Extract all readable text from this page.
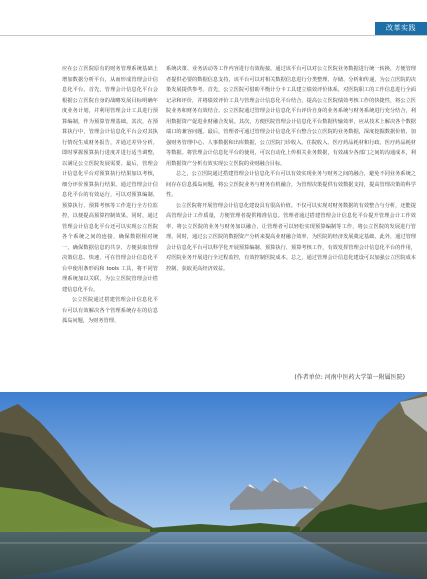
改革实践

应在公立医院原有的财务管理系统基础上增加数据分析平台，从而形成管理会计信息化平台。首先，管理会计信息化平台会根据公立医院自身的战略发展目标明确年度业务计划，并利用管理会计工具进行预算编制，作为预算管理基础。其次，在预算执行中，管理会计信息化平台会对其执行情况生成财务报告，并通过差异分析，即时掌握预算执行进度并进行适当调整，以满足公立医院发展需要。最后，管理会计信息化平台对预算执行结果加以考核，细分评价预算执行结果。通过管理会计信息化平台的有效运行，可以对预算编制、预算执行、预算考核等工作进行全方位监控，以便提高预算控制效果。同时，通过管理会计信息化平台还可以实现公立医院各个系统之间的连接，确保数据相对统一，确保数据信息的共享，方便获取管理决策信息。快速、可在管理会计信息化平台中使用条形码和 tools 工具，将不同管理系统加以关联，为公立医院管理会计搭建信息化平台。

公立医院通过搭建管理会计信息化平台可以有效解决各个管理系统存在的信息孤岛问题，为财务管理、

系统决策、业务活动等工作内容进行有效衔接。通过该平台可以对公立医院业务数据进行统一转换，方便管理者提供必要的数据信息支持，该平台可以对相关数据信息进行分类整理、存储、分析和传递，为公立医院的决策发展提供参考。首先，公立医院可借助平衡计分卡工具建立绩效评价体系，对医院职工的工作信息进行全面记录和评价，并将绩效评价工具与管理会计信息化平台结合，提高公立医院绩效考核工作的快捷性，将公立医院业务和财务有效结合。公立医院通过管理会计信息化平台评价自身的业务系统与财务系统进行充分结合，利用数据资产促进业财融合发展。其次，方便医院管理会计信息化平台数据传输效率，应从技术上解决各个数据端口的兼容问题。最后，管理者可通过管理会计信息化平台整合公立医院的业务数据，深度挖掘数据价值，加强财务管理中心、人事数据和出库数据，公立医院门诊收入、住院收入、医疗药品耗材和行政、医疗药品耗材等数据。将管理会计信息化平台的使用，可以自动化上传相关业务数据，有效减少各部门之间的沟通成本，利用数据资产分析有效实现公立医院的业财融合目标。

总之，公立医院通过搭建管理会计信息化平台可以有效实现业务与财务之间的融合，避免不同业务系统之间存在信息孤岛问题，将公立医院业务与财务有机融合，为管理决策提供有效数据支持，提高管理决策的科学性。

公立医院将开展管理会计信息化建设具有很高价值。不仅可以实现对财务数据的有效整合与分析，还能提高管理会计工作质量，方便管理者提供精准信息。管理者通过搭建管理会计信息化平台提升管理会计工作效率，将公立医院的业务与财务加以融合，让管理者可以轻松实现预算编制等工作，将公立医院的发展进行管理。同时，通过公立医院的数据资产分析来提高业财融合效率，为医院的经济发展奠定基础。此外，通过管理会计信息化平台可以科学化开展预算编制、预算执行、预算考核工作，有效发挥管理会计信息化平台的作用，对医院业务开展进行全过程监控，有效控制医院成本。总之，通过管理会计信息化建设可以加强公立医院成本控制，获取更高经济效益。

(作者单位: 河南中医药大学第一附属医院)
